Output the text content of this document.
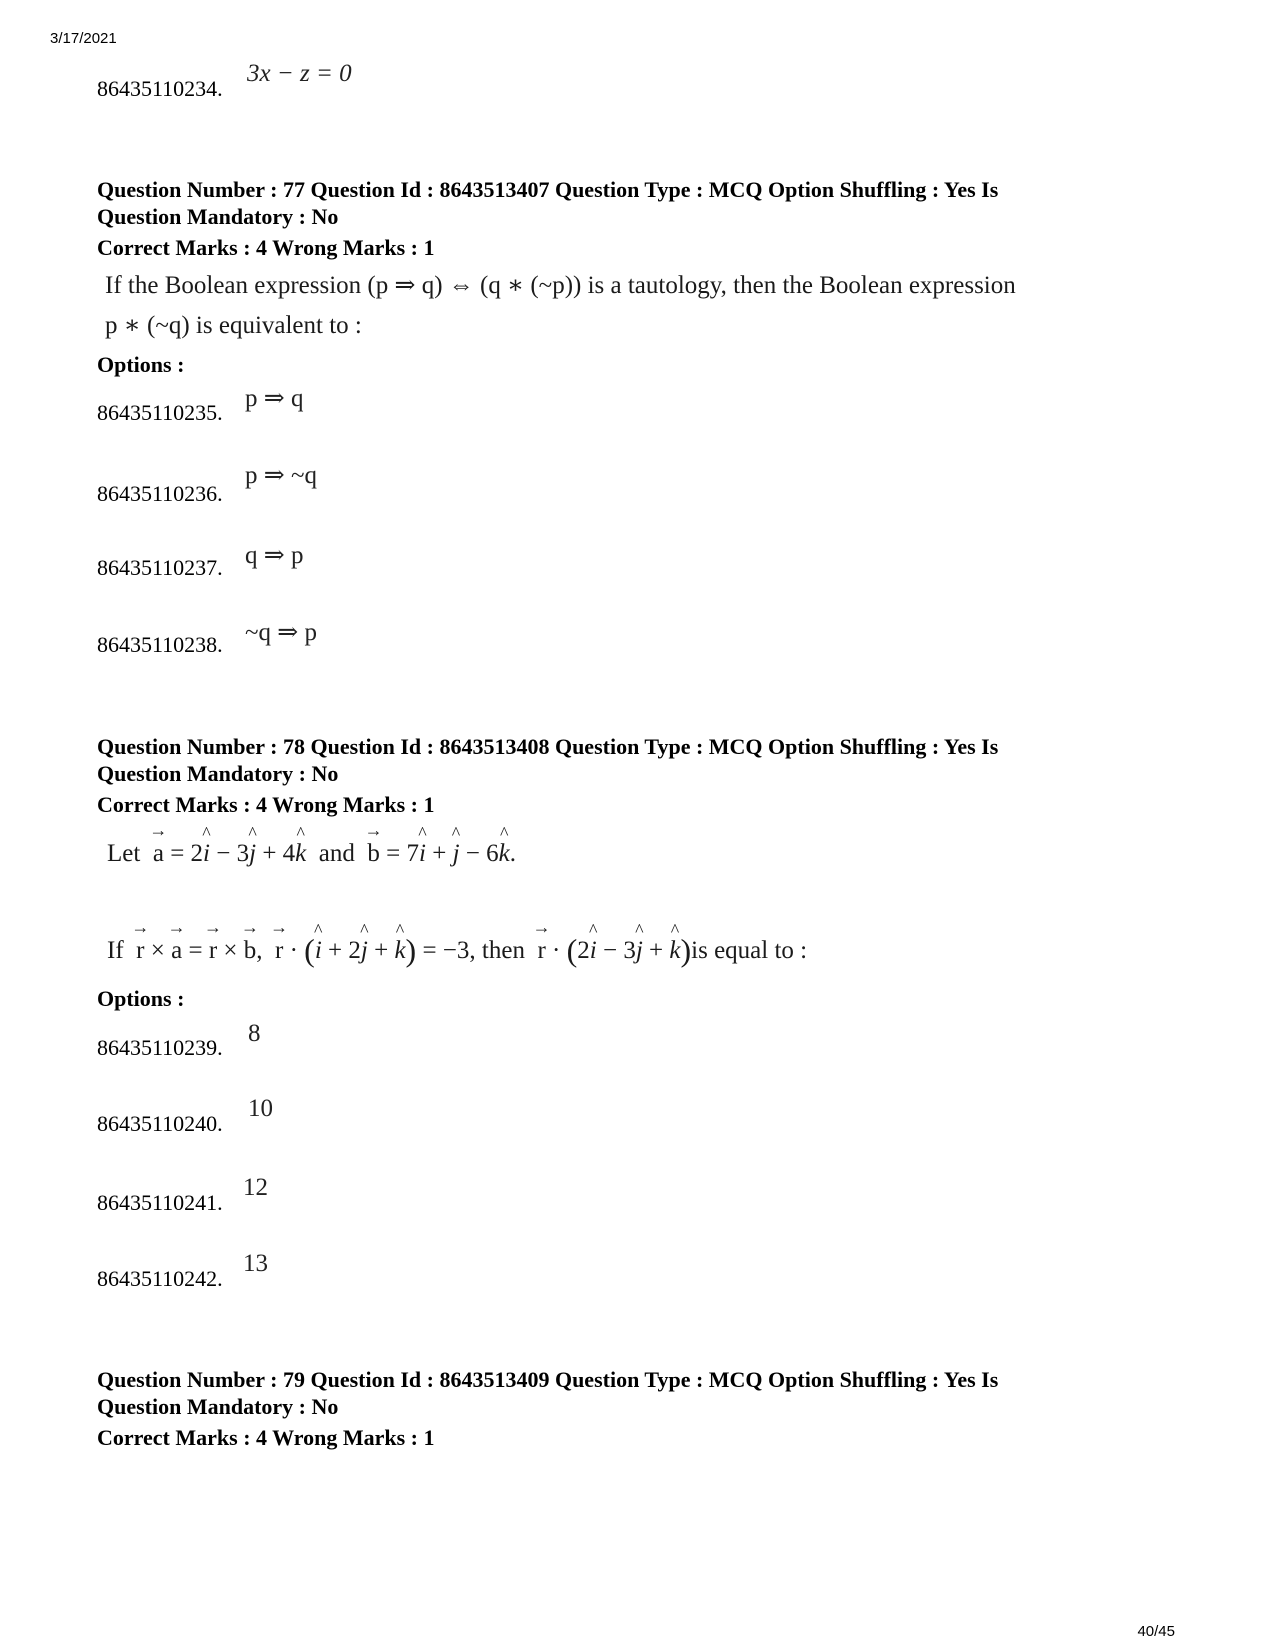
3/17/2021
40/45
86435110234.
3x − z = 0
Question Number : 77 Question Id : 8643513407 Question Type : MCQ Option Shuffling : Yes Is
Question Mandatory : No
Correct Marks : 4 Wrong Marks : 1
If the Boolean expression (p ⇒ q) ⇔ (q ∗ (~p)) is a tautology, then the Boolean expression
p ∗ (~q) is equivalent to :
Options :
86435110235.
p ⇒ q
86435110236.
p ⇒ ~q
86435110237. q ⇒ p
86435110238. ~q ⇒ p
Question Number : 78 Question Id : 8643513408 Question Type : MCQ Option Shuffling : Yes Is
Question Mandatory : No
Correct Marks : 4 Wrong Marks : 1
Let → a = 2^ i − 3^ j + 4^ k and → b = 7^ i + ^ j − 6^ k.
If → r × → a = → r × → b,  → r · (^ i + 2^ j + ^ k) = −3, then → r · (2^ i − 3^ j + ^ k)is equal to :
Options :
86435110239.
8
86435110240.
10
86435110241.
12
86435110242.
13
Question Number : 79 Question Id : 8643513409 Question Type : MCQ Option Shuffling : Yes Is
Question Mandatory : No
Correct Marks : 4 Wrong Marks : 1
